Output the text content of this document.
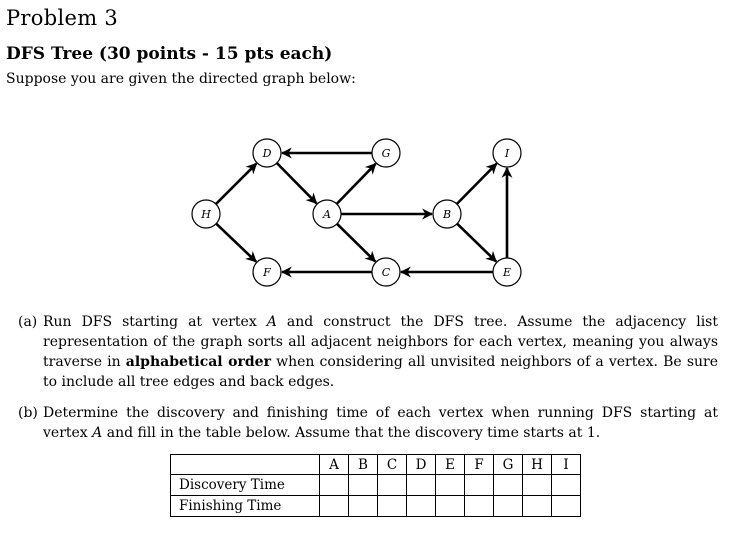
Problem 3
DFS Tree (30 points - 15 pts each)
Suppose you are given the directed graph below:
D	G	I
H	A	B
F	C	E
(a) Run DFS starting at vertex A and construct the DFS tree. Assume the adjacency list representation of the graph sorts all adjacent neighbors for each vertex, meaning you always traverse in alphabetical order when considering all unvisited neighbors of a vertex. Be sure to include all tree edges and back edges.
(b) Determine the discovery and finishing time of each vertex when running DFS starting at vertex A and fill in the table below. Assume that the discovery time starts at 1.
	A	B	C	D	E	F	G	H	I
Discovery Time									
Finishing Time									
